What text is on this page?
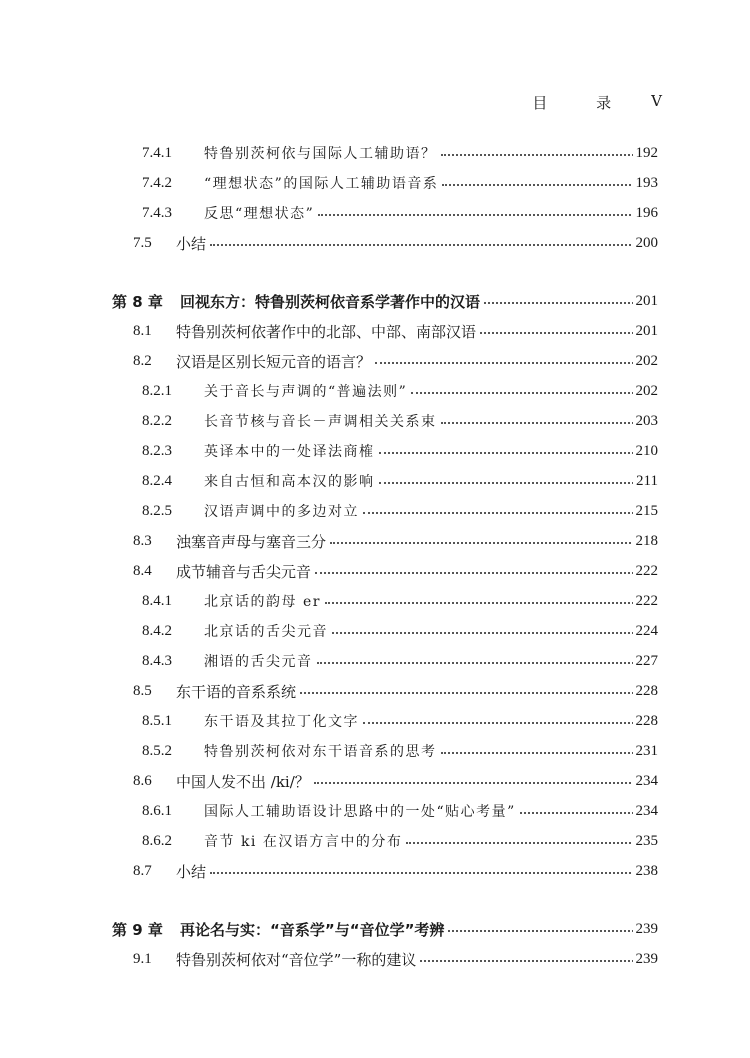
目 录 V
7.4.1 特鲁别茨柯依与国际人工辅助语？	192
7.4.2 “理想状态”的国际人工辅助语音系	193
7.4.3 反思“理想状态”	196
7.5 小结	200
第 8 章 回视东方：特鲁别茨柯依音系学著作中的汉语	201
8.1 特鲁别茨柯依著作中的北部、中部、南部汉语	201
8.2 汉语是区别长短元音的语言？	202
8.2.1 关于音长与声调的“普遍法则”	202
8.2.2 长音节核与音长－声调相关关系束	203
8.2.3 英译本中的一处译法商榷	210
8.2.4 来自古恒和高本汉的影响	211
8.2.5 汉语声调中的多边对立	215
8.3 浊塞音声母与塞音三分	218
8.4 成节辅音与舌尖元音	222
8.4.1 北京话的韵母 er	222
8.4.2 北京话的舌尖元音	224
8.4.3 湘语的舌尖元音	227
8.5 东干语的音系系统	228
8.5.1 东干语及其拉丁化文字	228
8.5.2 特鲁别茨柯依对东干语音系的思考	231
8.6 中国人发不出 /ki/？	234
8.6.1 国际人工辅助语设计思路中的一处“贴心考量”	234
8.6.2 音节 ki 在汉语方言中的分布	235
8.7 小结	238
第 9 章 再论名与实：“音系学”与“音位学”考辨	239
9.1 特鲁别茨柯依对“音位学”一称的建议	239
